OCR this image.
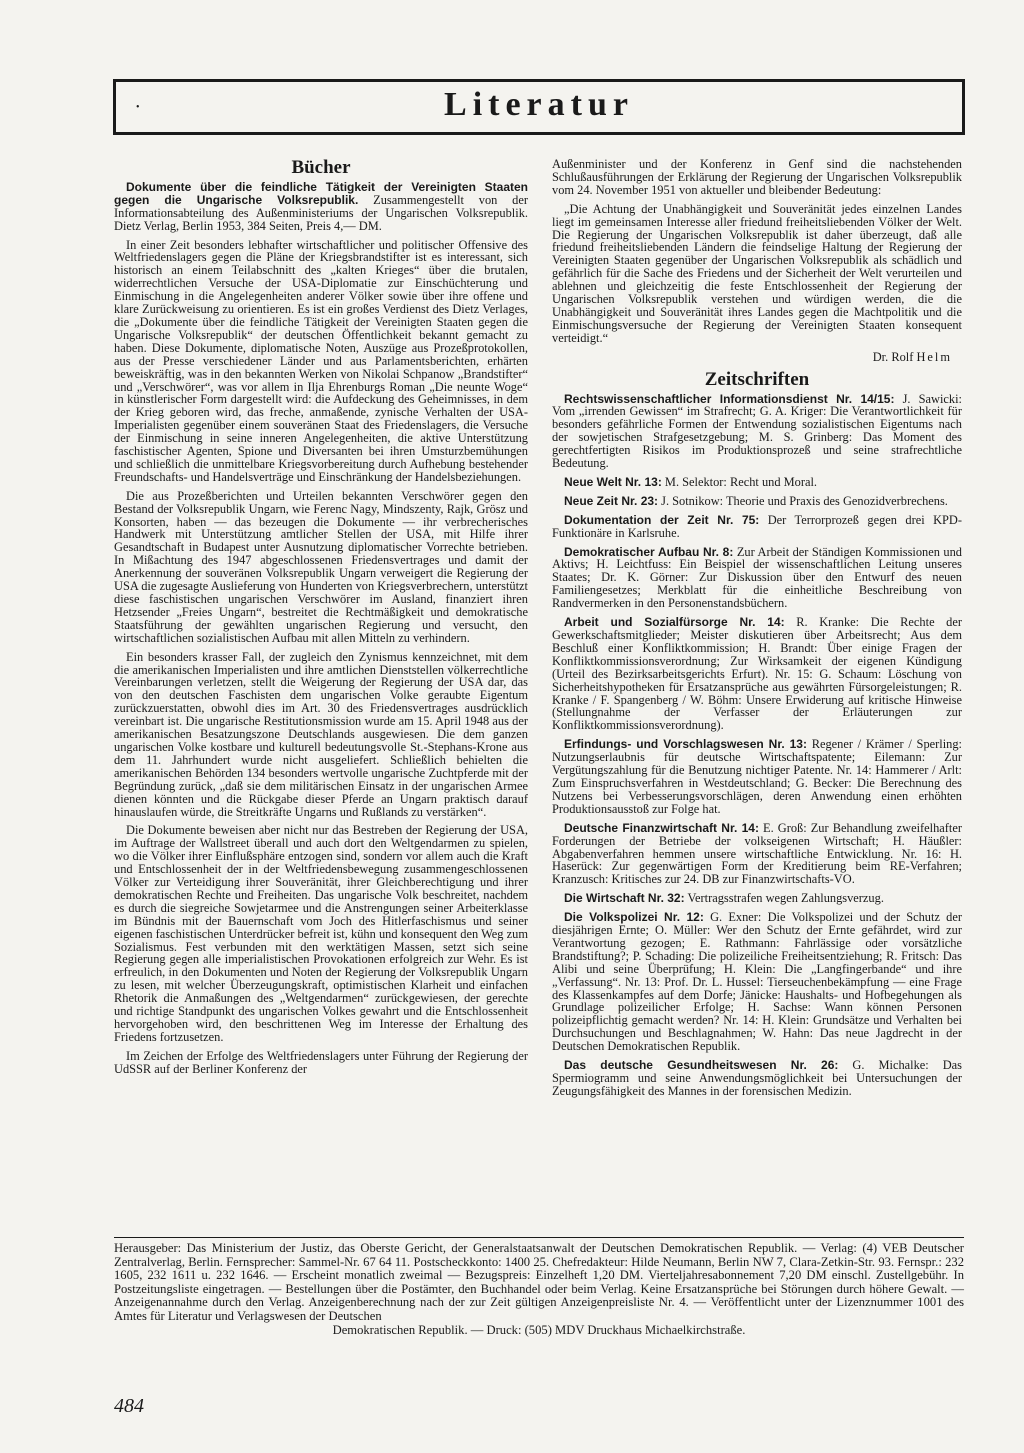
•	Literatur
Bücher

Dokumente über die feindliche Tätigkeit der Vereinigten Staaten gegen die Ungarische Volksrepublik. Zusammengestellt von der Informationsabteilung des Außenministeriums der Ungarischen Volksrepublik. Dietz Verlag, Berlin 1953, 384 Seiten, Preis 4,— DM.

In einer Zeit besonders lebhafter wirtschaftlicher und politischer Offensive des Weltfriedenslagers gegen die Pläne der Kriegsbrandstifter ist es interessant, sich historisch an einem Teilabschnitt des „kalten Krieges“ über die brutalen, widerrechtlichen Versuche der USA-Diplomatie zur Einschüchterung und Einmischung in die Angelegenheiten anderer Völker sowie über ihre offene und klare Zurückweisung zu orientieren. Es ist ein großes Verdienst des Dietz Verlages, die „Dokumente über die feindliche Tätigkeit der Vereinigten Staaten gegen die Ungarische Volksrepublik“ der deutschen Öffentlichkeit bekannt gemacht zu haben. Diese Dokumente, diplomatische Noten, Auszüge aus Prozeßprotokollen, aus der Presse verschiedener Länder und aus Parlamentsberichten, erhärten beweiskräftig, was in den bekannten Werken von Nikolai Schpanow „Brandstifter“ und „Verschwörer“, was vor allem in Ilja Ehrenburgs Roman „Die neunte Woge“ in künstlerischer Form dargestellt wird: die Aufdeckung des Geheimnisses, in dem der Krieg geboren wird, das freche, anmaßende, zynische Verhalten der USA-Imperialisten gegenüber einem souveränen Staat des Friedenslagers, die Versuche der Einmischung in seine inneren Angelegenheiten, die aktive Unterstützung faschistischer Agenten, Spione und Diversanten bei ihren Umsturzbemühungen und schließlich die unmittelbare Kriegsvorbereitung durch Aufhebung bestehender Freundschafts- und Handelsverträge und Einschränkung der Handelsbeziehungen.

Die aus Prozeßberichten und Urteilen bekannten Verschwörer gegen den Bestand der Volksrepublik Ungarn, wie Ferenc Nagy, Mindszenty, Rajk, Grösz und Konsorten, haben — das bezeugen die Dokumente — ihr verbrecherisches Handwerk mit Unterstützung amtlicher Stellen der USA, mit Hilfe ihrer Gesandtschaft in Budapest unter Ausnutzung diplomatischer Vorrechte betrieben. In Mißachtung des 1947 abgeschlossenen Friedensvertrages und damit der Anerkennung der souveränen Volksrepublik Ungarn verweigert die Regierung der USA die zugesagte Auslieferung von Hunderten von Kriegsverbrechern, unterstützt diese faschistischen ungarischen Verschwörer im Ausland, finanziert ihren Hetzsender „Freies Ungarn“, bestreitet die Rechtmäßigkeit und demokratische Staatsführung der gewählten ungarischen Regierung und versucht, den wirtschaftlichen sozialistischen Aufbau mit allen Mitteln zu verhindern.

Ein besonders krasser Fall, der zugleich den Zynismus kennzeichnet, mit dem die amerikanischen Imperialisten und ihre amtlichen Dienststellen völkerrechtliche Vereinbarungen verletzen, stellt die Weigerung der Regierung der USA dar, das von den deutschen Faschisten dem ungarischen Volke geraubte Eigentum zurückzuerstatten, obwohl dies im Art. 30 des Friedensvertrages ausdrücklich vereinbart ist. Die ungarische Restitutionsmission wurde am 15. April 1948 aus der amerikanischen Besatzungszone Deutschlands ausgewiesen. Die dem ganzen ungarischen Volke kostbare und kulturell bedeutungsvolle St.-Stephans-Krone aus dem 11. Jahrhundert wurde nicht ausgeliefert. Schließlich behielten die amerikanischen Behörden 134 besonders wertvolle ungarische Zuchtpferde mit der Begründung zurück, „daß sie dem militärischen Einsatz in der ungarischen Armee dienen könnten und die Rückgabe dieser Pferde an Ungarn praktisch darauf hinauslaufen würde, die Streitkräfte Ungarns und Rußlands zu verstärken“.

Die Dokumente beweisen aber nicht nur das Bestreben der Regierung der USA, im Auftrage der Wallstreet überall und auch dort den Weltgendarmen zu spielen, wo die Völker ihrer Einflußsphäre entzogen sind, sondern vor allem auch die Kraft und Entschlossenheit der in der Weltfriedensbewegung zusammengeschlossenen Völker zur Verteidigung ihrer Souveränität, ihrer Gleichberechtigung und ihrer demokratischen Rechte und Freiheiten. Das ungarische Volk beschreitet, nachdem es durch die siegreiche Sowjetarmee und die Anstrengungen seiner Arbeiterklasse im Bündnis mit der Bauernschaft vom Joch des Hitlerfaschismus und seiner eigenen faschistischen Unterdrücker befreit ist, kühn und konsequent den Weg zum Sozialismus. Fest verbunden mit den werktätigen Massen, setzt sich seine Regierung gegen alle imperialistischen Provokationen erfolgreich zur Wehr. Es ist erfreulich, in den Dokumenten und Noten der Regierung der Volksrepublik Ungarn zu lesen, mit welcher Überzeugungskraft, optimistischen Klarheit und einfachen Rhetorik die Anmaßungen des „Weltgendarmen“ zurückgewiesen, der gerechte und richtige Standpunkt des ungarischen Volkes gewahrt und die Entschlossenheit hervorgehoben wird, den beschrittenen Weg im Interesse der Erhaltung des Friedens fortzusetzen.

Im Zeichen der Erfolge des Weltfriedenslagers unter Führung der Regierung der UdSSR auf der Berliner Konferenz der

Außenminister und der Konferenz in Genf sind die nachstehenden Schlußausführungen der Erklärung der Regierung der Ungarischen Volksrepublik vom 24. November 1951 von aktueller und bleibender Bedeutung:

„Die Achtung der Unabhängigkeit und Souveränität jedes einzelnen Landes liegt im gemeinsamen Interesse aller friedund freiheitsliebenden Völker der Welt. Die Regierung der Ungarischen Volksrepublik ist daher überzeugt, daß alle friedund freiheitsliebenden Ländern die feindselige Haltung der Regierung der Vereinigten Staaten gegenüber der Ungarischen Volksrepublik als schädlich und gefährlich für die Sache des Friedens und der Sicherheit der Welt verurteilen und ablehnen und gleichzeitig die feste Entschlossenheit der Regierung der Ungarischen Volksrepublik verstehen und würdigen werden, die die Unabhängigkeit und Souveränität ihres Landes gegen die Machtpolitik und die Einmischungsversuche der Regierung der Vereinigten Staaten konsequent verteidigt.“

Dr. Rolf Helm
Zeitschriften

Rechtswissenschaftlicher Informationsdienst Nr. 14/15: J. Sawicki: Vom „irrenden Gewissen“ im Strafrecht; G. A. Kriger: Die Verantwortlichkeit für besonders gefährliche Formen der Entwendung sozialistischen Eigentums nach der sowjetischen Strafgesetzgebung; M. S. Grinberg: Das Moment des gerechtfertigten Risikos im Produktionsprozeß und seine strafrechtliche Bedeutung.

Neue Welt Nr. 13: M. Selektor: Recht und Moral.

Neue Zeit Nr. 23: J. Sotnikow: Theorie und Praxis des Genozidverbrechens.

Dokumentation der Zeit Nr. 75: Der Terrorprozeß gegen drei KPD-Funktionäre in Karlsruhe.

Demokratischer Aufbau Nr. 8: Zur Arbeit der Ständigen Kommissionen und Aktivs; H. Leichtfuss: Ein Beispiel der wissenschaftlichen Leitung unseres Staates; Dr. K. Görner: Zur Diskussion über den Entwurf des neuen Familiengesetzes; Merkblatt für die einheitliche Beschreibung von Randvermerken in den Personenstandsbüchern.

Arbeit und Sozialfürsorge Nr. 14: R. Kranke: Die Rechte der Gewerkschaftsmitglieder; Meister diskutieren über Arbeitsrecht; Aus dem Beschluß einer Konfliktkommission; H. Brandt: Über einige Fragen der Konfliktkommissionsverordnung; Zur Wirksamkeit der eigenen Kündigung (Urteil des Bezirksarbeitsgerichts Erfurt). Nr. 15: G. Schaum: Löschung von Sicherheitshypotheken für Ersatzansprüche aus gewährten Fürsorgeleistungen; R. Kranke / F. Spangenberg / W. Böhm: Unsere Erwiderung auf kritische Hinweise (Stellungnahme der Verfasser der Erläuterungen zur Konfliktkommissionsverordnung).

Erfindungs- und Vorschlagswesen Nr. 13: Regener / Krämer / Sperling: Nutzungserlaubnis für deutsche Wirtschaftspatente; Eilemann: Zur Vergütungszahlung für die Benutzung nichtiger Patente. Nr. 14: Hammerer / Arlt: Zum Einspruchsverfahren in Westdeutschland; G. Becker: Die Berechnung des Nutzens bei Verbesserungsvorschlägen, deren Anwendung einen erhöhten Produktionsausstoß zur Folge hat.

Deutsche Finanzwirtschaft Nr. 14: E. Groß: Zur Behandlung zweifelhafter Forderungen der Betriebe der volkseigenen Wirtschaft; H. Häußler: Abgabenverfahren hemmen unsere wirtschaftliche Entwicklung. Nr. 16: H. Haserück: Zur gegenwärtigen Form der Kreditierung beim RE-Verfahren; Kranzusch: Kritisches zur 24. DB zur Finanzwirtschafts-VO.

Die Wirtschaft Nr. 32: Vertragsstrafen wegen Zahlungsverzug.

Die Volkspolizei Nr. 12: G. Exner: Die Volkspolizei und der Schutz der diesjährigen Ernte; O. Müller: Wer den Schutz der Ernte gefährdet, wird zur Verantwortung gezogen; E. Rathmann: Fahrlässige oder vorsätzliche Brandstiftung?; P. Schading: Die polizeiliche Freiheitsentziehung; R. Fritsch: Das Alibi und seine Überprüfung; H. Klein: Die „Langfingerbande“ und ihre „Verfassung“. Nr. 13: Prof. Dr. L. Hussel: Tierseuchenbekämpfung — eine Frage des Klassenkampfes auf dem Dorfe; Jänicke: Haushalts- und Hofbegehungen als Grundlage polizeilicher Erfolge; H. Sachse: Wann können Personen polizeipflichtig gemacht werden? Nr. 14: H. Klein: Grundsätze und Verhalten bei Durchsuchungen und Beschlagnahmen; W. Hahn: Das neue Jagdrecht in der Deutschen Demokratischen Republik.

Das deutsche Gesundheitswesen Nr. 26: G. Michalke: Das Spermiogramm und seine Anwendungsmöglichkeit bei Untersuchungen der Zeugungsfähigkeit des Mannes in der forensischen Medizin.

Herausgeber: Das Ministerium der Justiz, das Oberste Gericht, der Generalstaatsanwalt der Deutschen Demokratischen Republik. — Verlag: (4) VEB Deutscher Zentralverlag, Berlin. Fernsprecher: Sammel-Nr. 67 64 11. Postscheckkonto: 1400 25. Chefredakteur: Hilde Neumann, Berlin NW 7, Clara-Zetkin-Str. 93. Fernspr.: 232 1605, 232 1611 u. 232 1646. — Erscheint monatlich zweimal — Bezugspreis: Einzelheft 1,20 DM. Vierteljahresabonnement 7,20 DM einschl. Zustellgebühr. In Postzeitungsliste eingetragen. — Bestellungen über die Postämter, den Buchhandel oder beim Verlag. Keine Ersatzansprüche bei Störungen durch höhere Gewalt. — Anzeigenannahme durch den Verlag. Anzeigenberechnung nach der zur Zeit gültigen Anzeigenpreisliste Nr. 4. — Veröffentlicht unter der Lizenznummer 1001 des Amtes für Literatur und Verlagswesen der Deutschen
Demokratischen Republik. — Druck: (505) MDV Druckhaus Michaelkirchstraße.
484
